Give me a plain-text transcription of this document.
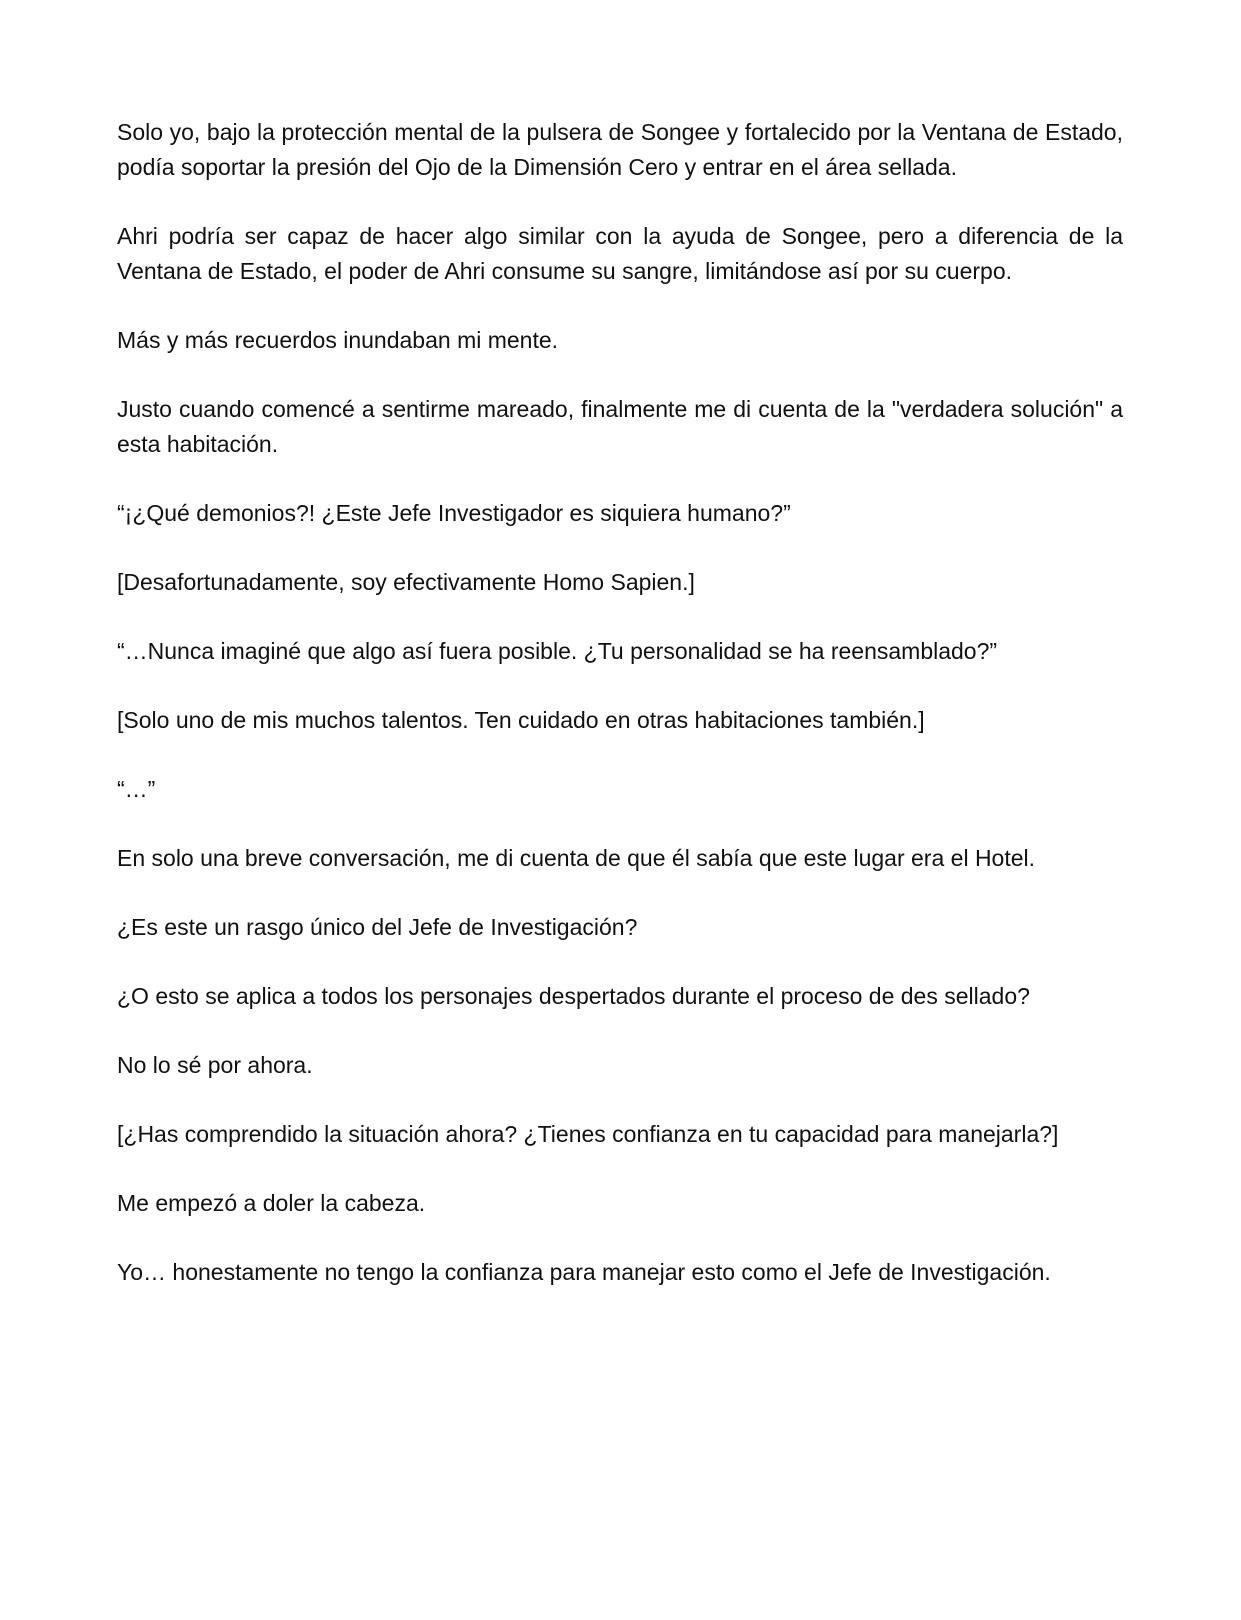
Solo yo, bajo la protección mental de la pulsera de Songee y fortalecido por la Ventana de Estado, podía soportar la presión del Ojo de la Dimensión Cero y entrar en el área sellada.

Ahri podría ser capaz de hacer algo similar con la ayuda de Songee, pero a diferencia de la Ventana de Estado, el poder de Ahri consume su sangre, limitándose así por su cuerpo.

Más y más recuerdos inundaban mi mente.

Justo cuando comencé a sentirme mareado, finalmente me di cuenta de la "verdadera solución" a esta habitación.

“¡¿Qué demonios?! ¿Este Jefe Investigador es siquiera humano?”

[Desafortunadamente, soy efectivamente Homo Sapien.]

“…Nunca imaginé que algo así fuera posible. ¿Tu personalidad se ha reensamblado?”

[Solo uno de mis muchos talentos. Ten cuidado en otras habitaciones también.]

“…”

En solo una breve conversación, me di cuenta de que él sabía que este lugar era el Hotel.

¿Es este un rasgo único del Jefe de Investigación?

¿O esto se aplica a todos los personajes despertados durante el proceso de des sellado?

No lo sé por ahora.

[¿Has comprendido la situación ahora? ¿Tienes confianza en tu capacidad para manejarla?]

Me empezó a doler la cabeza.

Yo… honestamente no tengo la confianza para manejar esto como el Jefe de Investigación.
